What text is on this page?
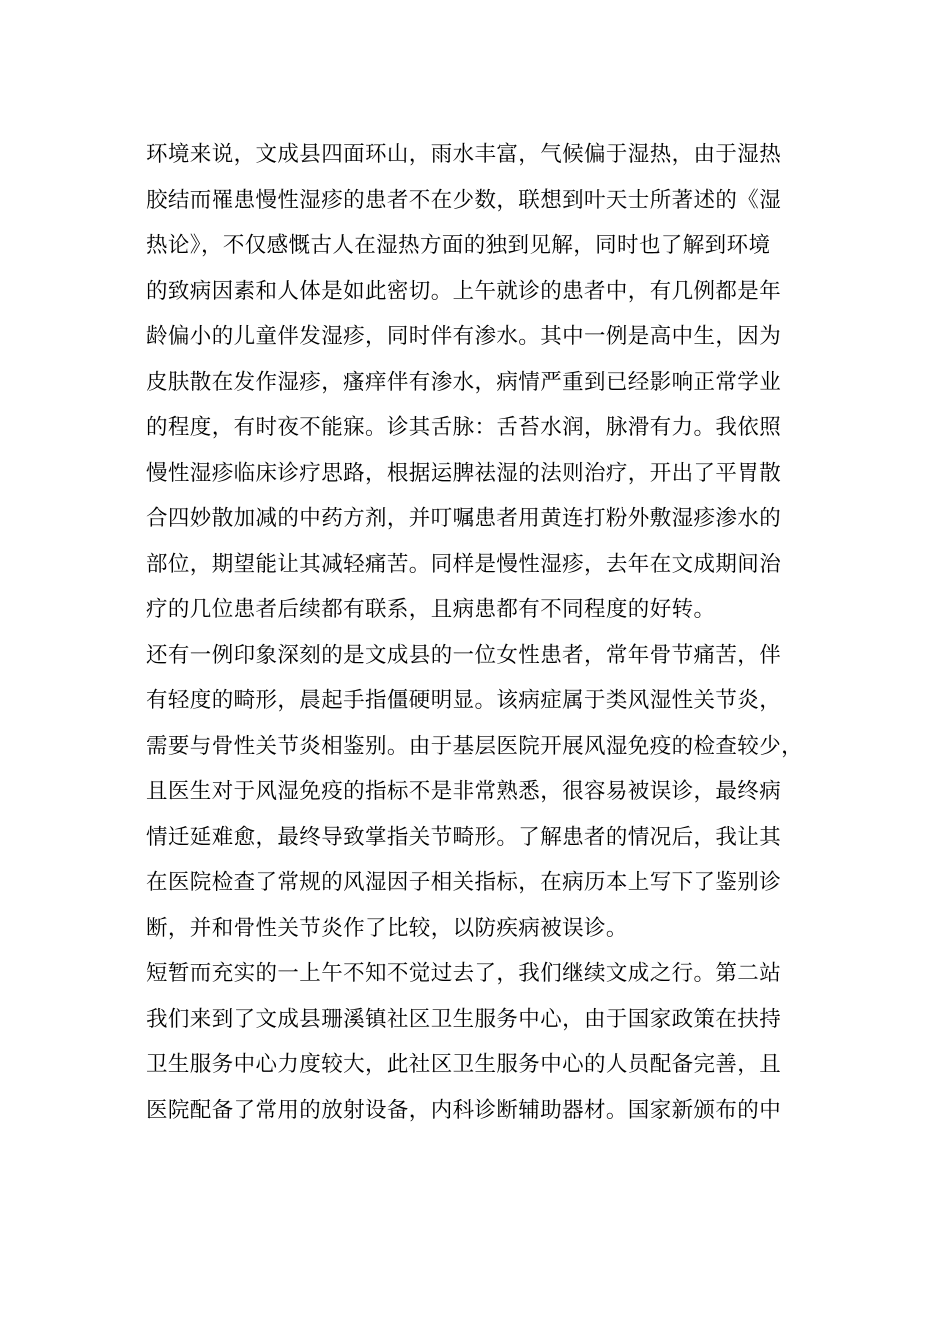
环境来说，文成县四面环山，雨水丰富，气候偏于湿热，由于湿热
胶结而罹患慢性湿疹的患者不在少数，联想到叶天士所著述的《湿
热论》，不仅感慨古人在湿热方面的独到见解，同时也了解到环境
的致病因素和人体是如此密切。上午就诊的患者中，有几例都是年
龄偏小的儿童伴发湿疹，同时伴有渗水。其中一例是高中生，因为
皮肤散在发作湿疹，瘙痒伴有渗水，病情严重到已经影响正常学业
的程度，有时夜不能寐。诊其舌脉：舌苔水润，脉滑有力。我依照
慢性湿疹临床诊疗思路，根据运脾祛湿的法则治疗，开出了平胃散
合四妙散加减的中药方剂，并叮嘱患者用黄连打粉外敷湿疹渗水的
部位，期望能让其减轻痛苦。同样是慢性湿疹，去年在文成期间治
疗的几位患者后续都有联系，且病患都有不同程度的好转。
还有一例印象深刻的是文成县的一位女性患者，常年骨节痛苦，伴
有轻度的畸形，晨起手指僵硬明显。该病症属于类风湿性关节炎，
需要与骨性关节炎相鉴别。由于基层医院开展风湿免疫的检查较少，
且医生对于风湿免疫的指标不是非常熟悉，很容易被误诊，最终病
情迁延难愈，最终导致掌指关节畸形。了解患者的情况后，我让其
在医院检查了常规的风湿因子相关指标，在病历本上写下了鉴别诊
断，并和骨性关节炎作了比较，以防疾病被误诊。
短暂而充实的一上午不知不觉过去了，我们继续文成之行。第二站
我们来到了文成县珊溪镇社区卫生服务中心，由于国家政策在扶持
卫生服务中心力度较大，此社区卫生服务中心的人员配备完善，且
医院配备了常用的放射设备，内科诊断辅助器材。国家新颁布的中
